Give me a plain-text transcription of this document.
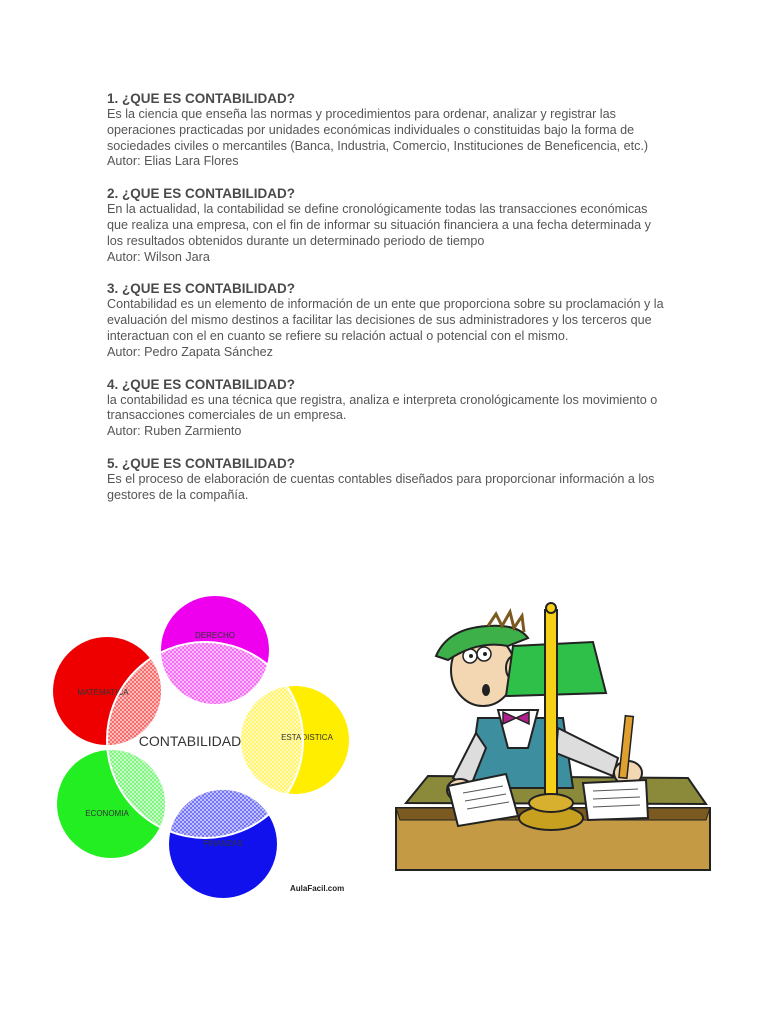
1. ¿QUE ES CONTABILIDAD?
Es la ciencia que enseña las normas y procedimientos para ordenar, analizar y registrar las operaciones practicadas por unidades económicas individuales o constituidas bajo la forma de sociedades civiles o mercantiles (Banca, Industria, Comercio, Instituciones de Beneficencia, etc.)
Autor: Elias Lara Flores
2. ¿QUE ES CONTABILIDAD?
En la actualidad, la contabilidad se define cronológicamente todas las transacciones económicas que realiza una empresa, con el fin de informar su situación financiera a una fecha determinada y los resultados obtenidos durante un determinado periodo de tiempo
Autor: Wilson Jara
3. ¿QUE ES CONTABILIDAD?
Contabilidad es un elemento de información de un ente que proporciona sobre su proclamación y la evaluación del mismo destinos a facilitar las decisiones de sus administradores y los terceros que interactuan con el en cuanto se refiere su relación actual o potencial con el mismo.
Autor: Pedro Zapata Sánchez
4. ¿QUE ES CONTABILIDAD?
la contabilidad es una técnica que registra, analiza e interpreta cronológicamente los movimiento o transacciones comerciales de un empresa.
Autor: Ruben Zarmiento
5. ¿QUE ES CONTABILIDAD?
Es el proceso de elaboración de cuentas contables diseñados para proporcionar información a los gestores de la compañía.
DERECHO
MATEMATICA
ESTADISTICA
ECONOMIA
FINANZAS
CONTABILIDAD
AulaFacil.com
